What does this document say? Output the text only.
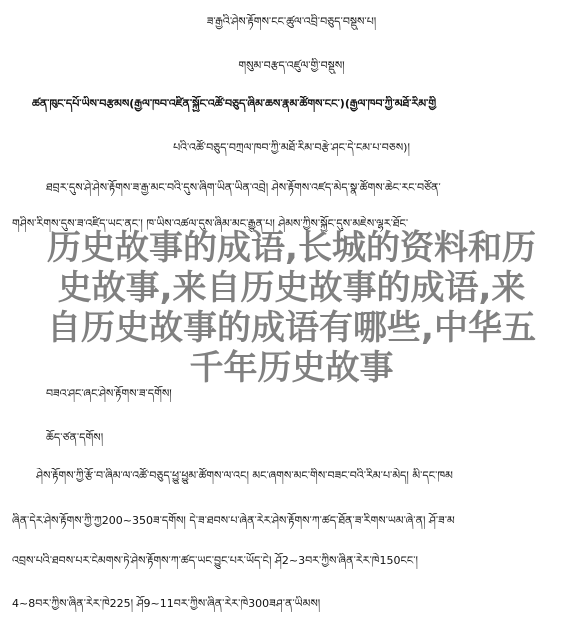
ཟ་རྒྱའི་ཤེས་རྟོགས་ངང་ཚུལ་འབྲི་བཅུད་བསྡུས་པ།
གསུམ་བརྩད་འཛུལ་གྱི་བསྡུས།
ཚན་ཁུང་དཔོ་ཡིས་བརྩམས(རྒྱལ་ཁབ་འཛིན་སྐྱོང་འཚོ་བཅུད་ཞིམ་ཆས་རྣམ་ཚོགས་ངང་)(རྒྱལ་ཁབ་ཀྱི་མཐོ་རིམ་གྱི
པའི་འཚོ་བཅུད་བཀྲལ་ཁབ་ཀྱི་མཐོ་རིམ་བརྩེ་ཤང་དེ་ངམ་པ་བཅས)།
ཐབྲར་དུས་ཤེ་ཤེས་རྟོགས་ཟ་རྒྱ་མང་བའི་དུས་ཞིག་ཡིན་ཡིན་འབྲེ། ཤེས་རྟོགས་འཛད་མེད་སྣ་ཚོགས་ཆེང་རང་བཙོན་
གཤིས་རིགས་དུས་ཟ་འཛིད་ཡང་ནང་། ཁ་ཡིས་འཚལ་དུས་ཞིམ་མང་རྒྱུན་པ། ཤེམས་ཀྱིས་སྐྱོང་དུས་མཇེས་ལྷར་ཐོང་
བཟའ་ཤང་ཞང་ཤེས་རྟོགས་ཟ་དགོས།
ཆོད་ཙན་དགོས།
ཤེས་རྟོགས་ཀྱི་རྩོ་བ་ཞིམ་ལ་འཚོ་བཅུད་ཕྱུ་ཕྱུམ་ཚོགས་ལ་འང། མང་ཞགས་མང་གིས་བཟང་བའི་རིམ་པ་མེད། མི་དང་ཁམ
ཞིན་དེར་ཤེས་རྟོགས་ཀྱི་ཀྱ200~350ཟ་དགོས། དེ་ཟ་ཐབས་པ་ཞེན་རེར་ཤེས་རྟོགས་ཀ་ཚད་ཐོན་ཟ་རིགས་ཡམ་ཞེ་ན། ཤོ་ཟ་མ
འབྲས་པའི་ཐབས་པར་ངེམགས་ཏེ་ཤེས་རྟོགས་ཀ་ཚད་ཡང་བྱུང་པར་ཡོད་ངེ། ཤོ2~3བར་ཀྱིས་ཞིན་རེར་ཁེ150ངང་།
4~8བར་ཀྱིས་ཞིན་རེར་ཁེ225། ཤོ9~11བར་ཀྱིས་ཞིན་རེར་ཁེ300ཟཤ་ན་ཡིམས།
历史故事的成语,长城的资料和历
史故事,来自历史故事的成语,来
自历史故事的成语有哪些,中华五
千年历史故事
